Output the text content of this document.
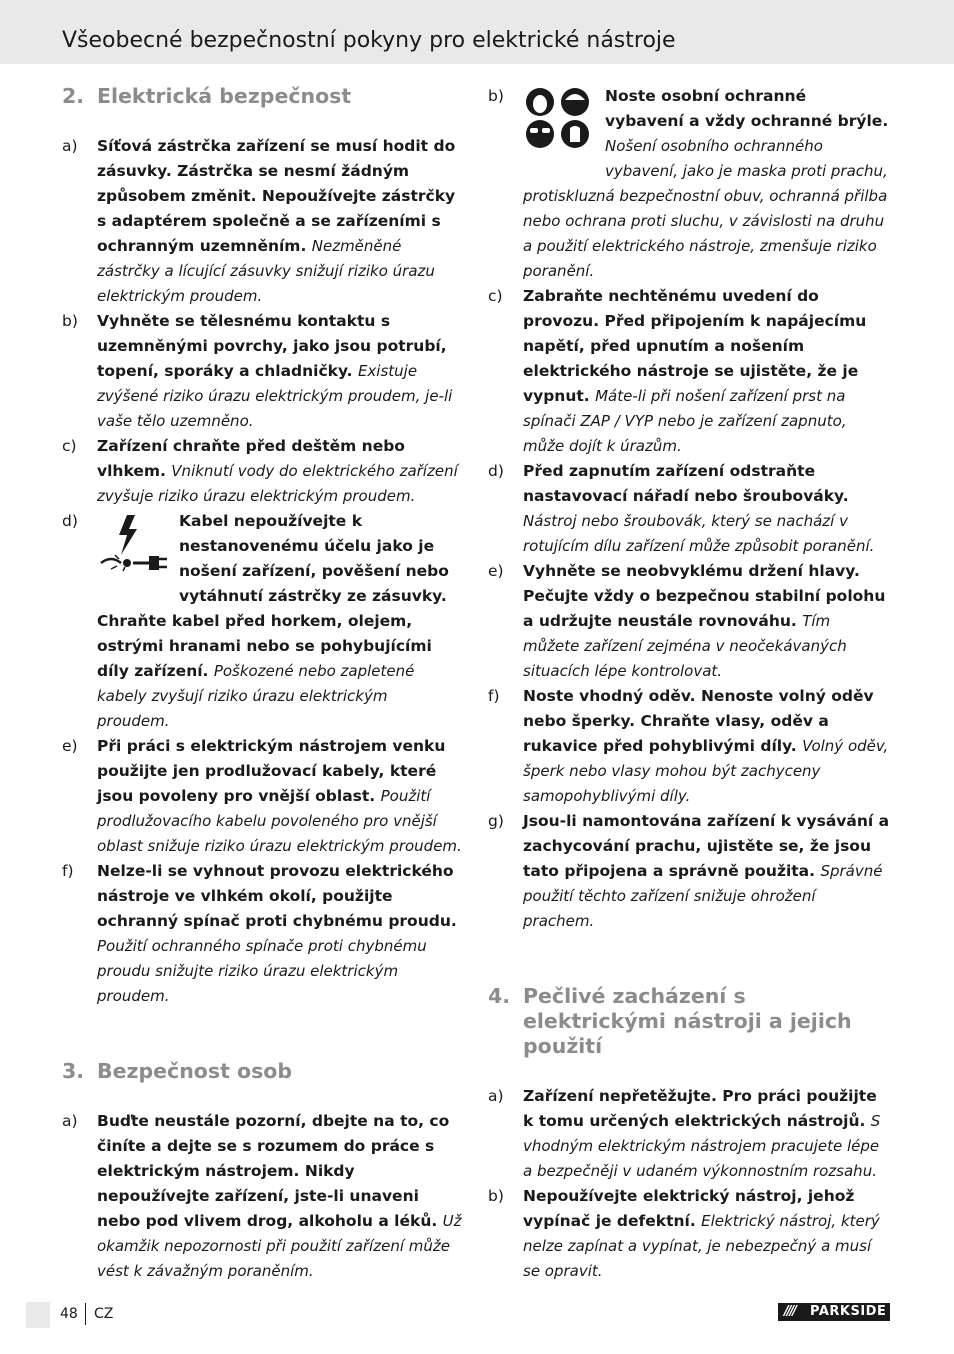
Všeobecné bezpečnostní pokyny pro elektrické nástroje
2. Elektrická bezpečnost
a) Síťová zástrčka zařízení se musí hodit do zásuvky. Zástrčka se nesmí žádným způsobem změnit. Nepoužívejte zástrčky s adaptérem společně a se zařízeními s ochranným uzemněním. Nezměněné zástrčky a lícující zásuvky snižují riziko úrazu elektrickým proudem.
b) Vyhněte se tělesnému kontaktu s uzemněnými povrchy, jako jsou potrubí, topení, sporáky a chladničky. Existuje zvýšené riziko úrazu elektrickým proudem, je-li vaše tělo uzemněno.
c) Zařízení chraňte před deštěm nebo vlhkem. Vniknutí vody do elektrického zařízení zvyšuje riziko úrazu elektrickým proudem.
d)	Kabel nepoužívejte k nestanovenému účelu jako je nošení zařízení, pověšení nebo vytáhnutí zástrčky ze zásuvky. Chraňte kabel před horkem, olejem, ostrými hranami nebo se pohybujícími díly zařízení. Poškozené nebo zapletené kabely zvyšují riziko úrazu elektrickým proudem.
e) Při práci s elektrickým nástrojem venku použijte jen prodlužovací kabely, které jsou povoleny pro vnější oblast. Použití prodlužovacího kabelu povoleného pro vnější oblast snižuje riziko úrazu elektrickým proudem.
f) Nelze-li se vyhnout provozu elektrického nástroje ve vlhkém okolí, použijte ochranný spínač proti chybnému proudu. Použití ochranného spínače proti chybnému proudu snižujte riziko úrazu elektrickým proudem.
3. Bezpečnost osob
a) Buďte neustále pozorní, dbejte na to, co činíte a dejte se s rozumem do práce s elektrickým nástrojem. Nikdy nepoužívejte zařízení, jste-li unaveni nebo pod vlivem drog, alkoholu a léků. Už okamžik nepozornosti při použití zařízení může vést k závažným poraněním.
b)	Noste osobní ochranné vybavení a vždy ochranné brýle. Nošení osobního ochranného vybavení, jako je maska proti prachu, protiskluzná bezpečnostní obuv, ochranná přilba nebo ochrana proti sluchu, v závislosti na druhu a použití elektrického nástroje, zmenšuje riziko poranění.
c) Zabraňte nechtěnému uvedení do provozu. Před připojením k napájecímu napětí, před upnutím a nošením elektrického nástroje se ujistěte, že je vypnut. Máte-li při nošení zařízení prst na spínači ZAP / VYP nebo je zařízení zapnuto, může dojít k úrazům.
d) Před zapnutím zařízení odstraňte nastavovací nářadí nebo šroubováky. Nástroj nebo šroubovák, který se nachází v rotujícím dílu zařízení může způsobit poranění.
e) Vyhněte se neobvyklému držení hlavy. Pečujte vždy o bezpečnou stabilní polohu a udržujte neustále rovnováhu. Tím můžete zařízení zejména v neočekávaných situacích lépe kontrolovat.
f) Noste vhodný oděv. Nenoste volný oděv nebo šperky. Chraňte vlasy, oděv a rukavice před pohyblivými díly. Volný oděv, šperk nebo vlasy mohou být zachyceny samopohyblivými díly.
g) Jsou-li namontována zařízení k vysávání a zachycování prachu, ujistěte se, že jsou tato připojena a správně použita. Správné použití těchto zařízení snižuje ohrožení prachem.
4. Pečlivé zacházení s elektrickými nástroji a jejich použití
a) Zařízení nepřetěžujte. Pro práci použijte k tomu určených elektrických nástrojů. S vhodným elektrickým nástrojem pracujete lépe a bezpečněji v udaném výkonnostním rozsahu.
b) Nepoužívejte elektrický nástroj, jehož vypínač je defektní. Elektrický nástroj, který nelze zapínat a vypínat, je nebezpečný a musí se opravit.
48 CZ	//// PARKSIDE
